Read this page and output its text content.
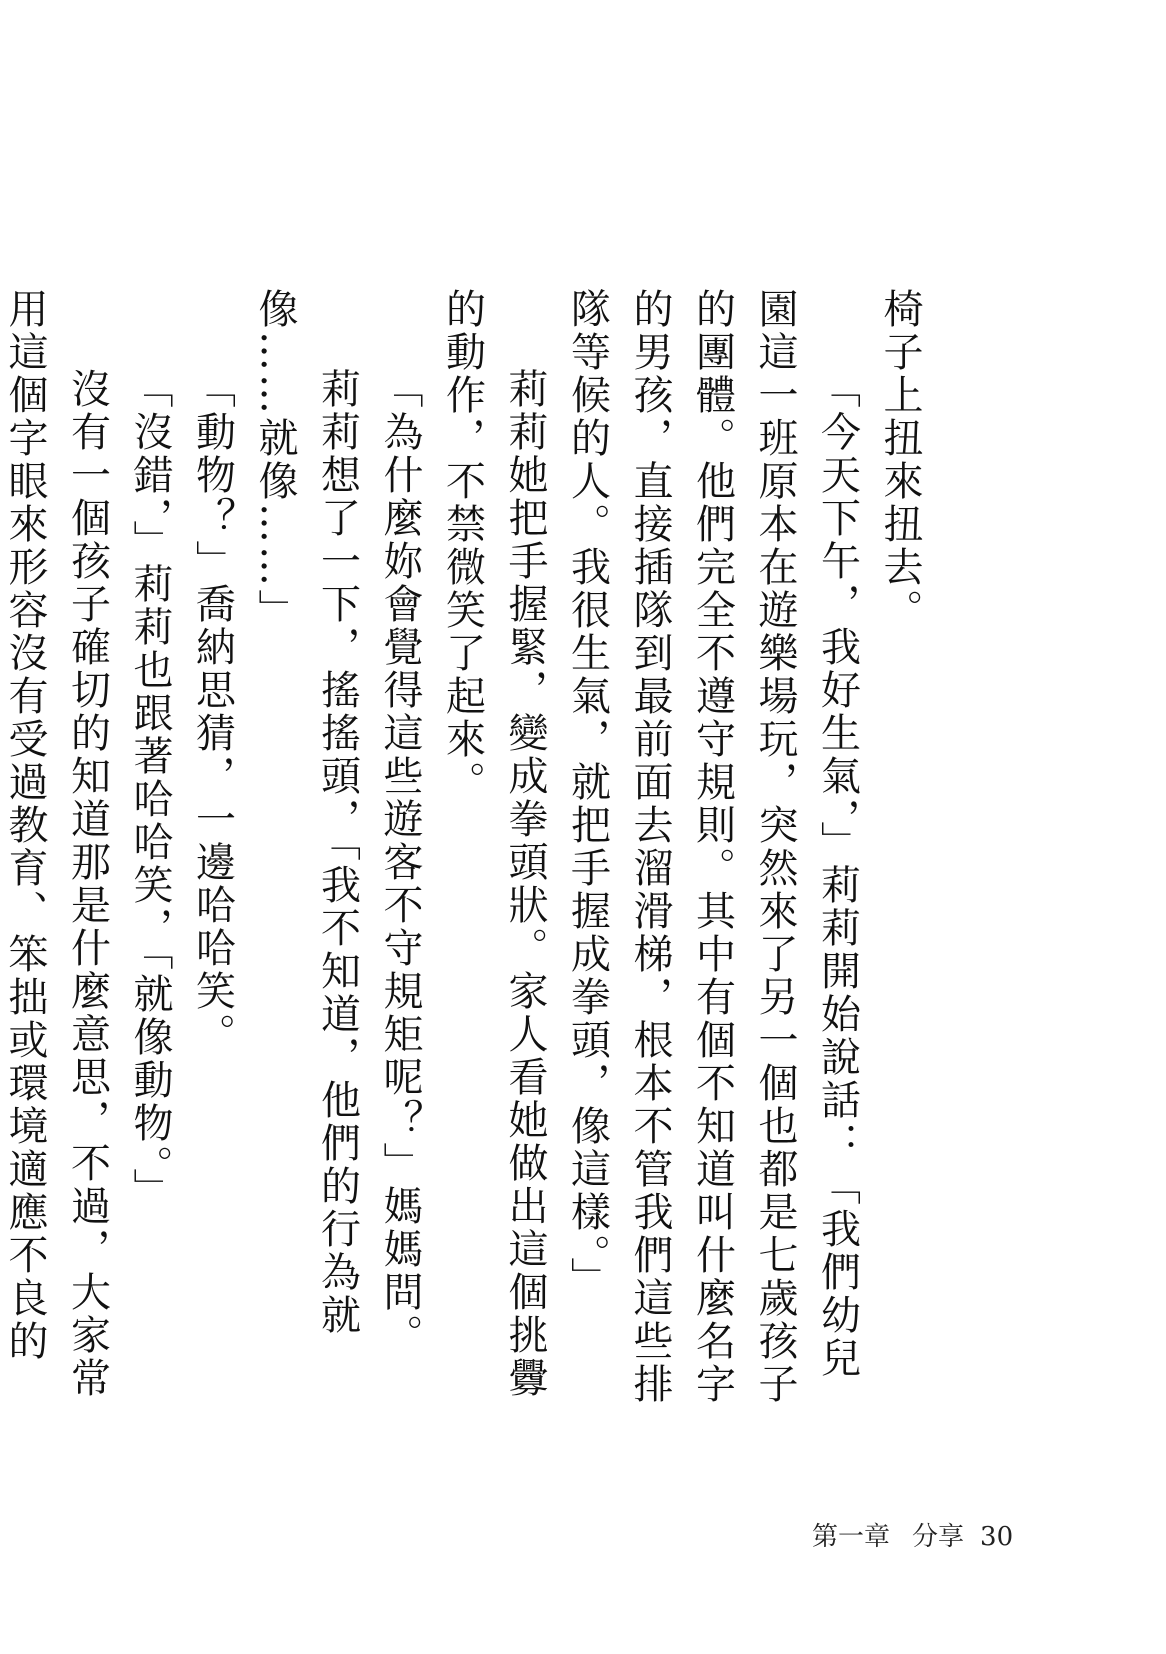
椅子上扭來扭去。

「今天下午，我好生氣，」莉莉開始說話：「我們幼兒園這一班原本在遊樂場玩，突然來了另一個也都是七歲孩子的團體。他們完全不遵守規則。其中有個不知道叫什麼名字的男孩，直接插隊到最前面去溜滑梯，根本不管我們這些排隊等候的人。我很生氣，就把手握成拳頭，像這樣。」

莉莉她把手握緊，變成拳頭狀。家人看她做出這個挑釁的動作，不禁微笑了起來。

「為什麼妳會覺得這些遊客不守規矩呢？」媽媽問。

莉莉想了一下，搖搖頭，「我不知道，他們的行為就像……就像……」

「動物？」喬納思猜，一邊哈哈笑。

「沒錯，」莉莉也跟著哈哈笑，「就像動物。」

沒有一個孩子確切的知道那是什麼意思，不過，大家常用這個字眼來形容沒有受過教育、笨拙或環境適應不良的

第一章 分享 30
